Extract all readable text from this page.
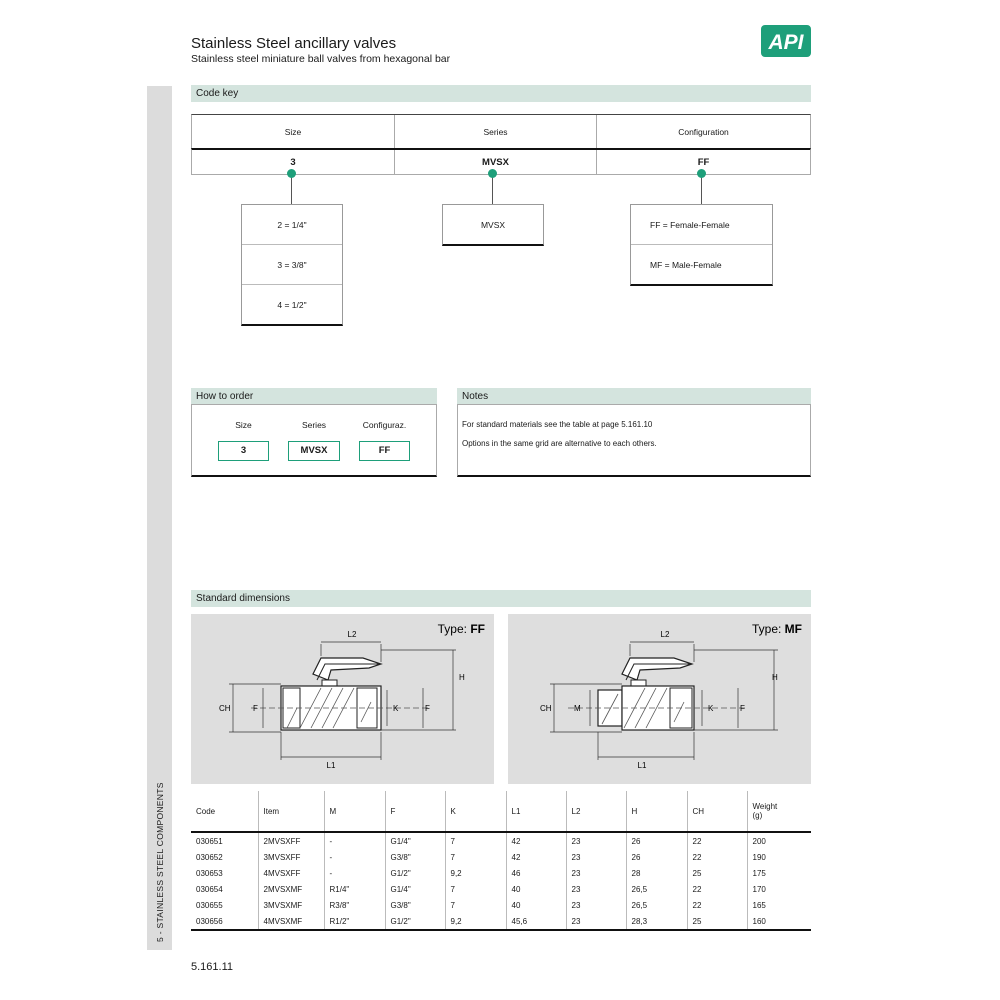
Stainless Steel ancillary valves
Stainless steel miniature ball valves from hexagonal bar
API
5 - STAINLESS STEEL COMPONENTS
Code key
Size	Series	Configuration
3	MVSX	FF
2 = 1/4"
3 = 3/8"
4 = 1/2"
MVSX	FF = Female-Female
MF = Male-Female
How to order
Size	Series	Configuraz.
3	MVSX	FF
Notes
For standard materials see the table at page 5.161.10
Options in the same grid are alternative to each others.
Standard dimensions
Type: FF
L2
H
CH	F	K	F
L1
Type: MF
L2
H
CH	M	K	F
L1
Code	Item	M	F	K	L1	L2	H	CH	Weight
(g)
030651	2MVSXFF	-	G1/4"	7	42	23	26	22	200
030652	3MVSXFF	-	G3/8"	7	42	23	26	22	190
030653	4MVSXFF	-	G1/2"	9,2	46	23	28	25	175
030654	2MVSXMF	R1/4"	G1/4"	7	40	23	26,5	22	170
030655	3MVSXMF	R3/8"	G3/8"	7	40	23	26,5	22	165
030656	4MVSXMF	R1/2"	G1/2"	9,2	45,6	23	28,3	25	160
5.161.11
